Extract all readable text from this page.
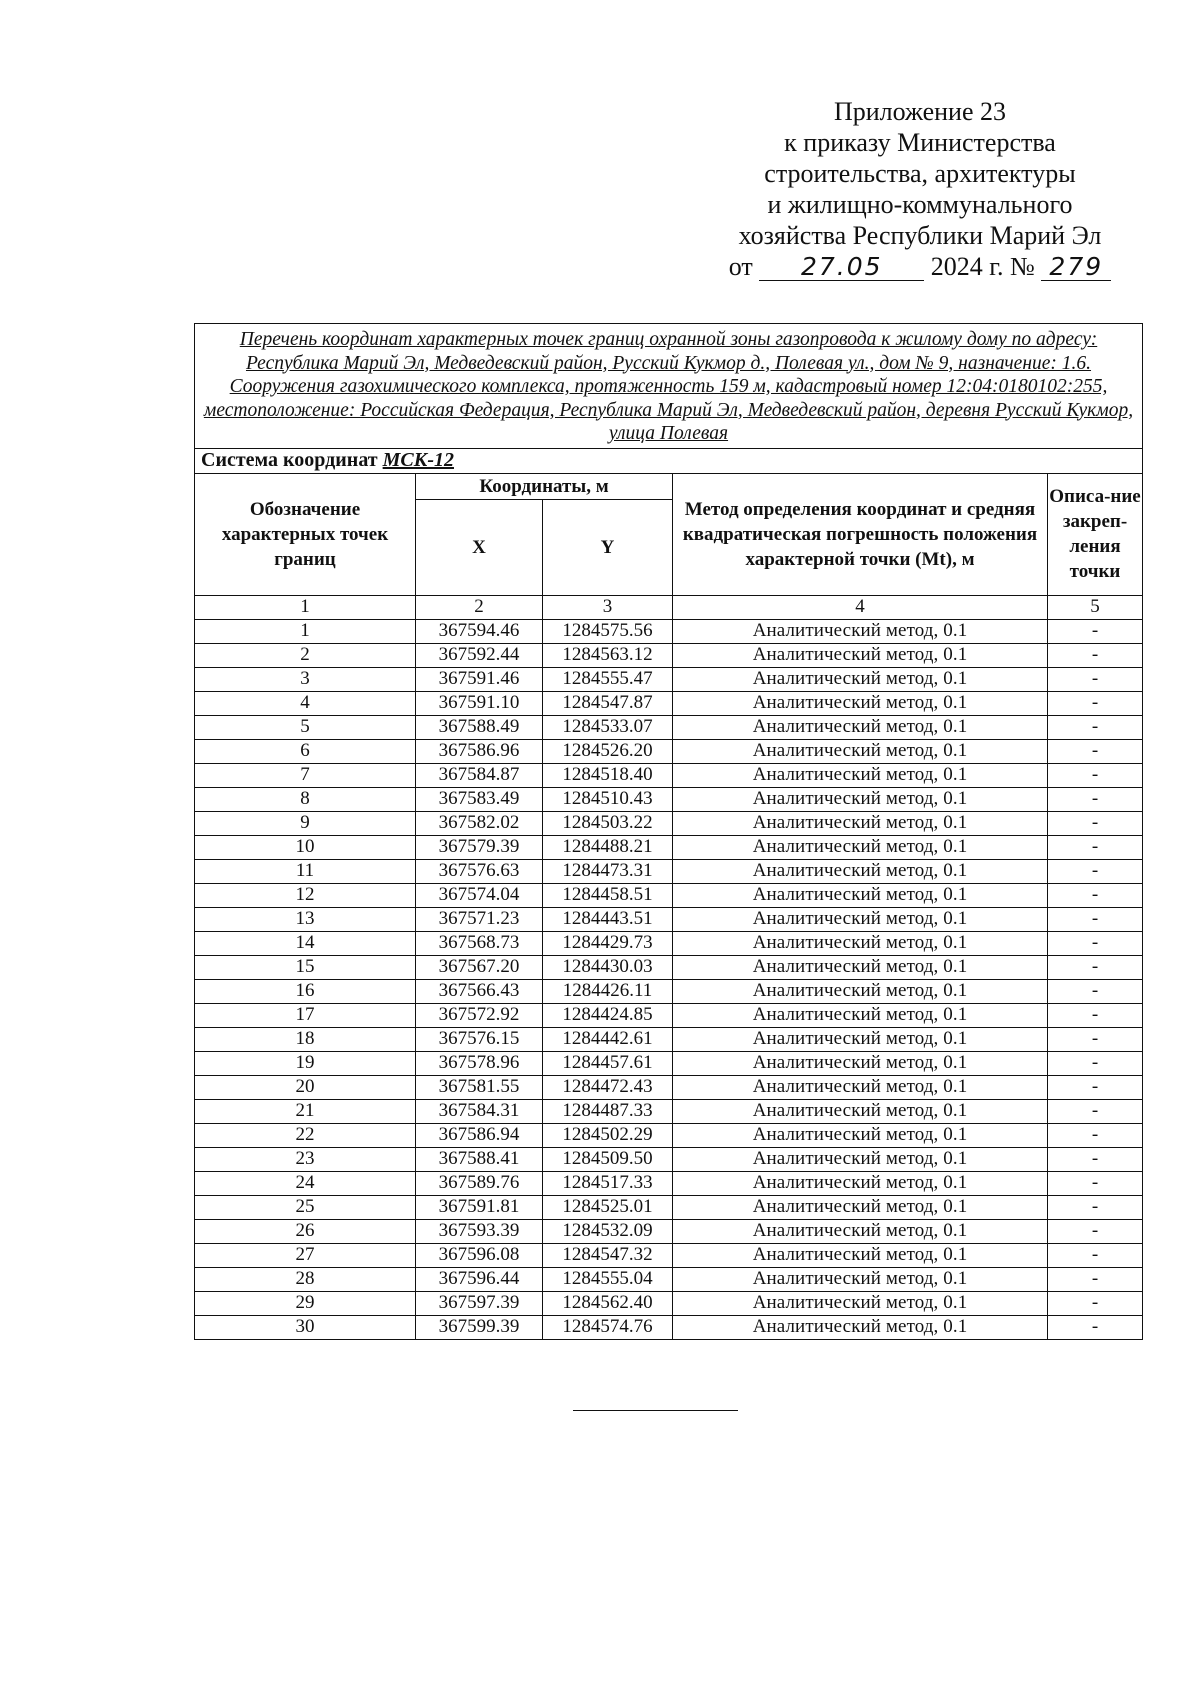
Приложение 23
к приказу Министерства
строительства, архитектуры
и жилищно-коммунального
хозяйства Республики Марий Эл
от 27.05 2024 г. № 279
Перечень координат характерных точек границ охранной зоны газопровода к жилому дому по адресу: Республика Марий Эл, Медведевский район, Русский Кукмор д., Полевая ул., дом № 9, назначение: 1.6. Сооружения газохимического комплекса, протяженность 159 м, кадастровый номер 12:04:0180102:255, местоположение: Российская Федерация, Республика Марий Эл, Медведевский район, деревня Русский Кукмор, улица Полевая				
Система координат МСК-12				
Обозначение характерных точек границ	Координаты, м		Метод определения координат и средняя квадратическая погрешность положения характерной точки (Mt), м	Описа-ние закреп-ления точки
	X	Y		
1	2	3	4	5
1	367594.46	1284575.56	Аналитический метод, 0.1	-
2	367592.44	1284563.12	Аналитический метод, 0.1	-
3	367591.46	1284555.47	Аналитический метод, 0.1	-
4	367591.10	1284547.87	Аналитический метод, 0.1	-
5	367588.49	1284533.07	Аналитический метод, 0.1	-
6	367586.96	1284526.20	Аналитический метод, 0.1	-
7	367584.87	1284518.40	Аналитический метод, 0.1	-
8	367583.49	1284510.43	Аналитический метод, 0.1	-
9	367582.02	1284503.22	Аналитический метод, 0.1	-
10	367579.39	1284488.21	Аналитический метод, 0.1	-
11	367576.63	1284473.31	Аналитический метод, 0.1	-
12	367574.04	1284458.51	Аналитический метод, 0.1	-
13	367571.23	1284443.51	Аналитический метод, 0.1	-
14	367568.73	1284429.73	Аналитический метод, 0.1	-
15	367567.20	1284430.03	Аналитический метод, 0.1	-
16	367566.43	1284426.11	Аналитический метод, 0.1	-
17	367572.92	1284424.85	Аналитический метод, 0.1	-
18	367576.15	1284442.61	Аналитический метод, 0.1	-
19	367578.96	1284457.61	Аналитический метод, 0.1	-
20	367581.55	1284472.43	Аналитический метод, 0.1	-
21	367584.31	1284487.33	Аналитический метод, 0.1	-
22	367586.94	1284502.29	Аналитический метод, 0.1	-
23	367588.41	1284509.50	Аналитический метод, 0.1	-
24	367589.76	1284517.33	Аналитический метод, 0.1	-
25	367591.81	1284525.01	Аналитический метод, 0.1	-
26	367593.39	1284532.09	Аналитический метод, 0.1	-
27	367596.08	1284547.32	Аналитический метод, 0.1	-
28	367596.44	1284555.04	Аналитический метод, 0.1	-
29	367597.39	1284562.40	Аналитический метод, 0.1	-
30	367599.39	1284574.76	Аналитический метод, 0.1	-
